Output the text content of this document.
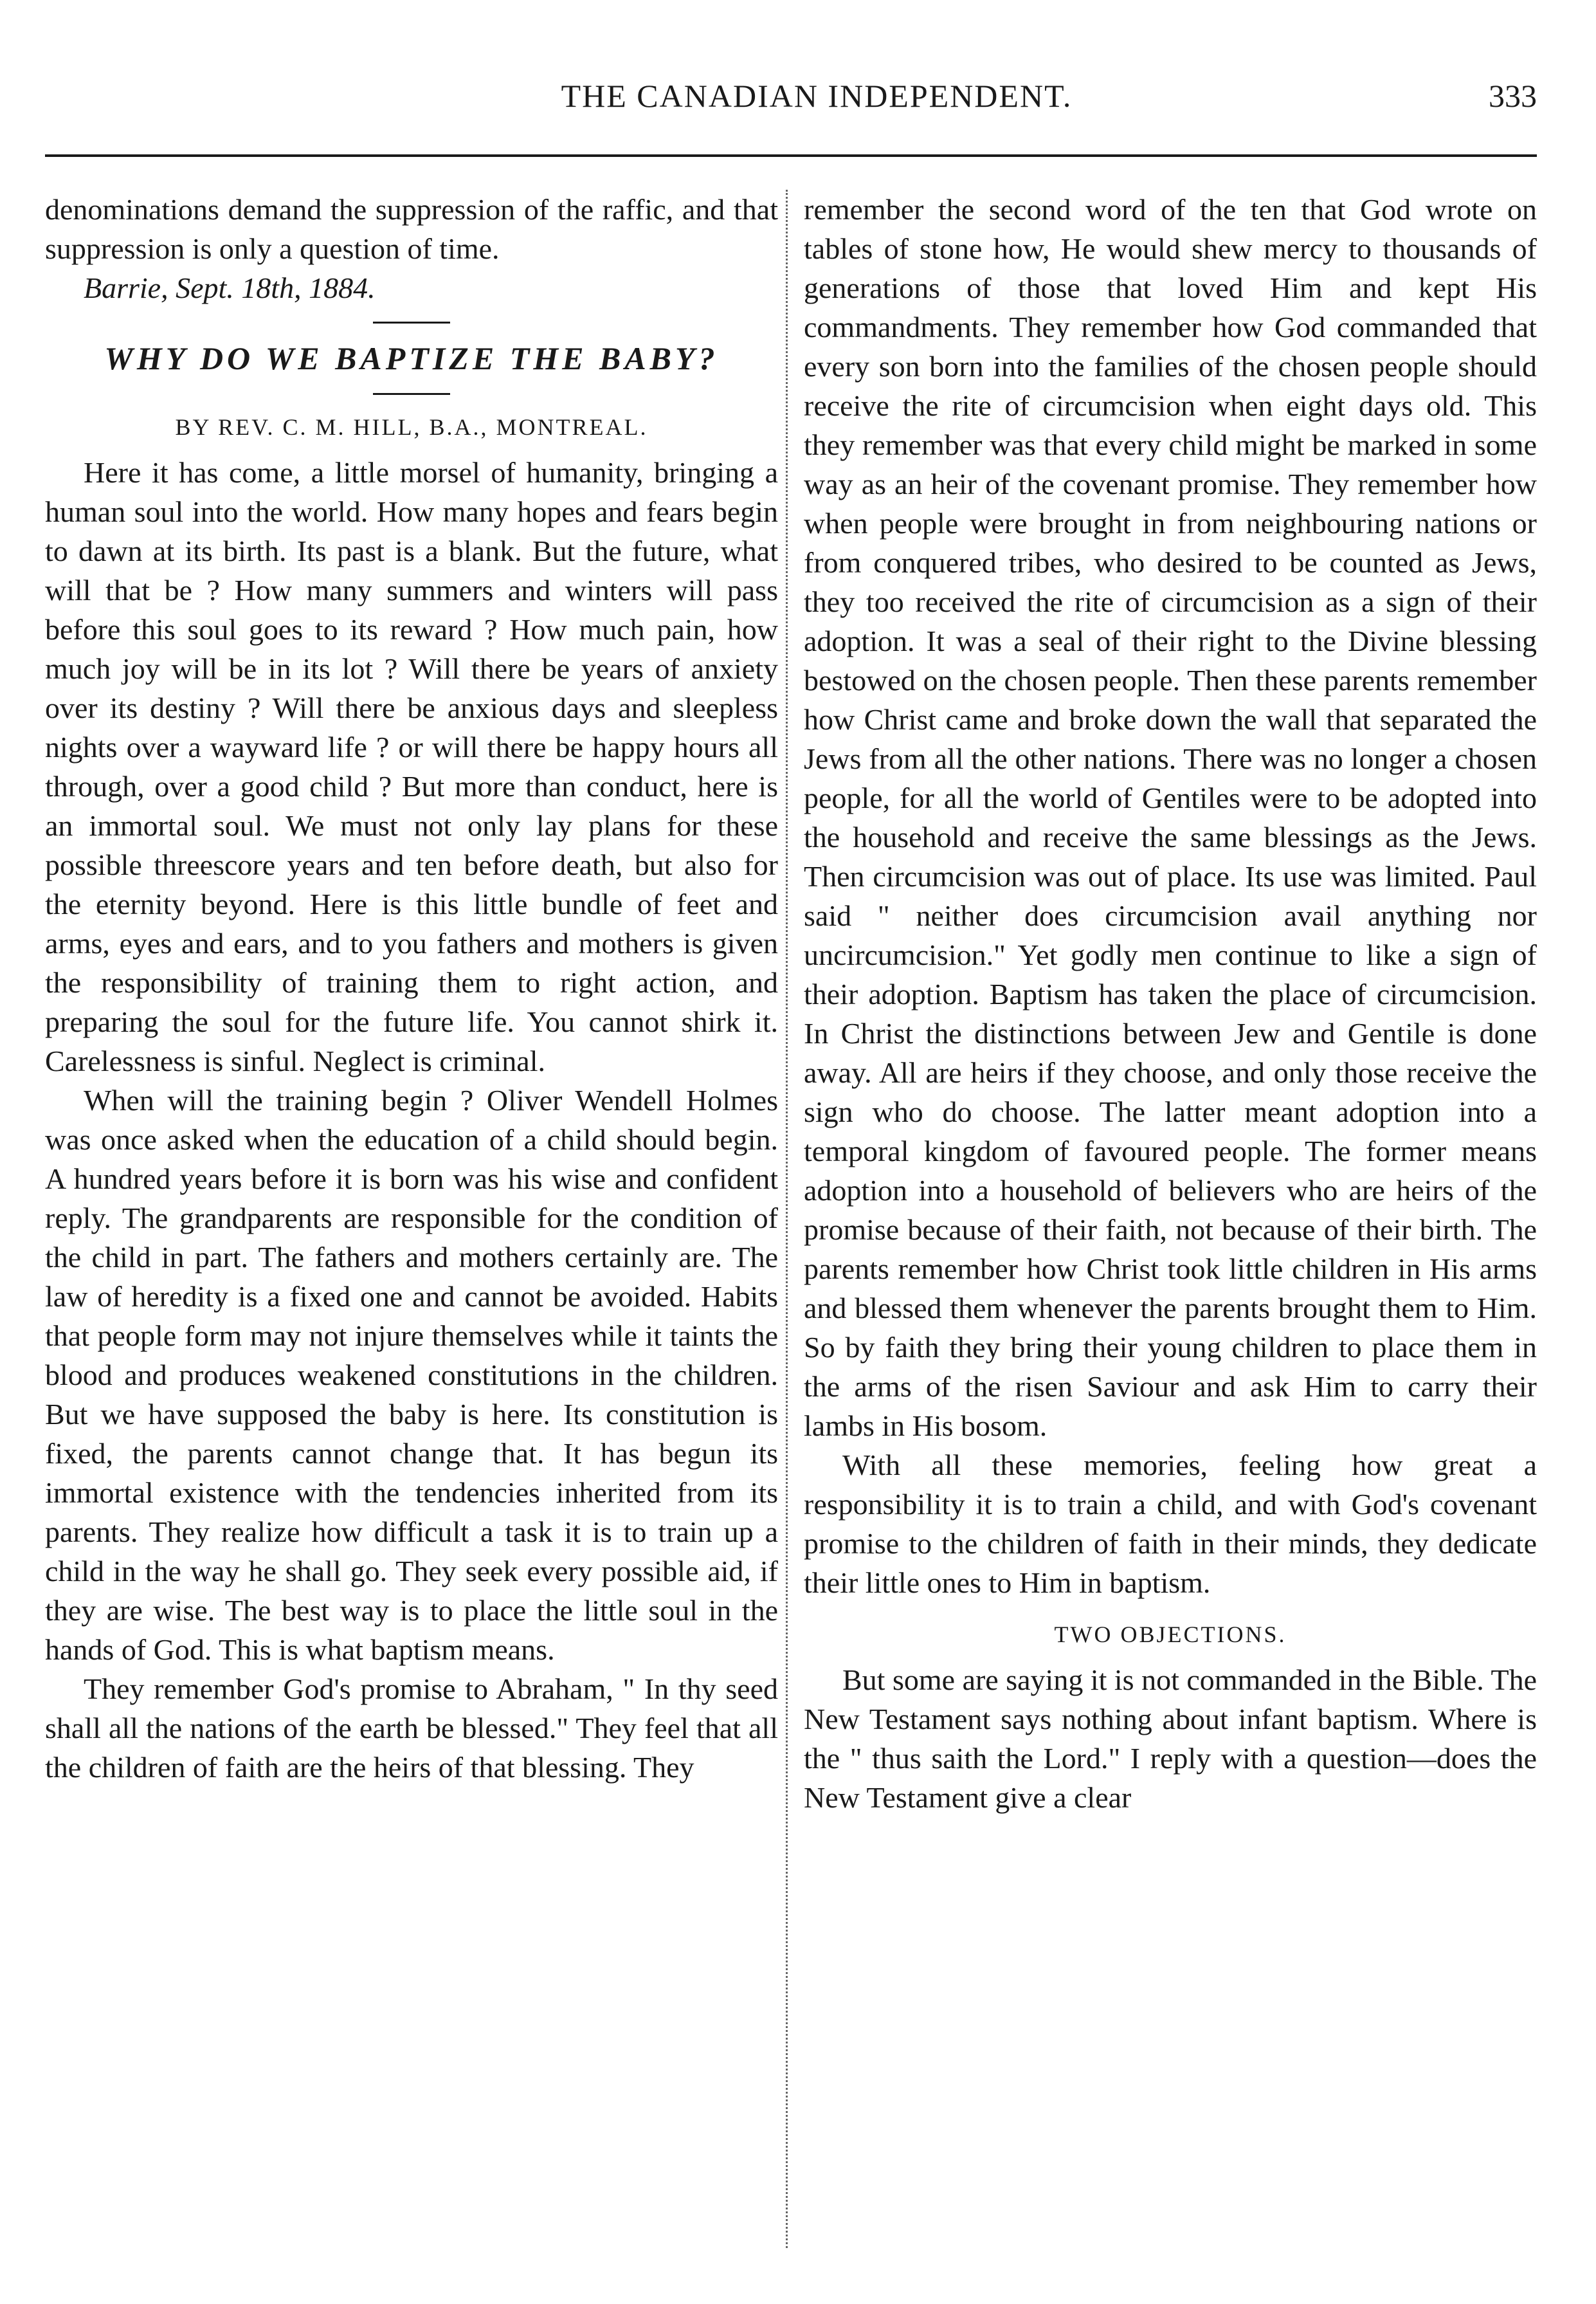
THE CANADIAN INDEPENDENT.	333

denominations demand the suppression of the raffic, and that suppression is only a question of time.

Barrie, Sept. 18th, 1884.

WHY DO WE BAPTIZE THE BABY?

BY REV. C. M. HILL, B.A., MONTREAL.

Here it has come, a little morsel of humanity, bringing a human soul into the world. How many hopes and fears begin to dawn at its birth. Its past is a blank. But the future, what will that be ? How many summers and winters will pass before this soul goes to its reward ? How much pain, how much joy will be in its lot ? Will there be years of anxiety over its destiny ? Will there be anxious days and sleepless nights over a wayward life ? or will there be happy hours all through, over a good child ? But more than conduct, here is an immortal soul. We must not only lay plans for these possible threescore years and ten before death, but also for the eternity beyond. Here is this little bundle of feet and arms, eyes and ears, and to you fathers and mothers is given the responsibility of training them to right action, and preparing the soul for the future life. You cannot shirk it. Carelessness is sinful. Neglect is criminal.

When will the training begin ? Oliver Wendell Holmes was once asked when the education of a child should begin. A hundred years before it is born was his wise and confident reply. The grandparents are responsible for the condition of the child in part. The fathers and mothers certainly are. The law of heredity is a fixed one and cannot be avoided. Habits that people form may not injure themselves while it taints the blood and produces weakened constitutions in the children. But we have supposed the baby is here. Its constitution is fixed, the parents cannot change that. It has begun its immortal existence with the tendencies inherited from its parents. They realize how difficult a task it is to train up a child in the way he shall go. They seek every possible aid, if they are wise. The best way is to place the little soul in the hands of God. This is what baptism means.

They remember God's promise to Abraham, " In thy seed shall all the nations of the earth be blessed." They feel that all the children of faith are the heirs of that blessing. They

remember the second word of the ten that God wrote on tables of stone how, He would shew mercy to thousands of generations of those that loved Him and kept His commandments. They remember how God commanded that every son born into the families of the chosen people should receive the rite of circumcision when eight days old. This they remember was that every child might be marked in some way as an heir of the covenant promise. They remember how when people were brought in from neighbouring nations or from conquered tribes, who desired to be counted as Jews, they too received the rite of circumcision as a sign of their adoption. It was a seal of their right to the Divine blessing bestowed on the chosen people. Then these parents remember how Christ came and broke down the wall that separated the Jews from all the other nations. There was no longer a chosen people, for all the world of Gentiles were to be adopted into the household and receive the same blessings as the Jews. Then circumcision was out of place. Its use was limited. Paul said " neither does circumcision avail anything nor uncircumcision." Yet godly men continue to like a sign of their adoption. Baptism has taken the place of circumcision. In Christ the distinctions between Jew and Gentile is done away. All are heirs if they choose, and only those receive the sign who do choose. The latter meant adoption into a temporal kingdom of favoured people. The former means adoption into a household of believers who are heirs of the promise because of their faith, not because of their birth. The parents remember how Christ took little children in His arms and blessed them whenever the parents brought them to Him. So by faith they bring their young children to place them in the arms of the risen Saviour and ask Him to carry their lambs in His bosom.

With all these memories, feeling how great a responsibility it is to train a child, and with God's covenant promise to the children of faith in their minds, they dedicate their little ones to Him in baptism.

TWO OBJECTIONS.

But some are saying it is not commanded in the Bible. The New Testament says nothing about infant baptism. Where is the " thus saith the Lord." I reply with a question—does the New Testament give a clear
